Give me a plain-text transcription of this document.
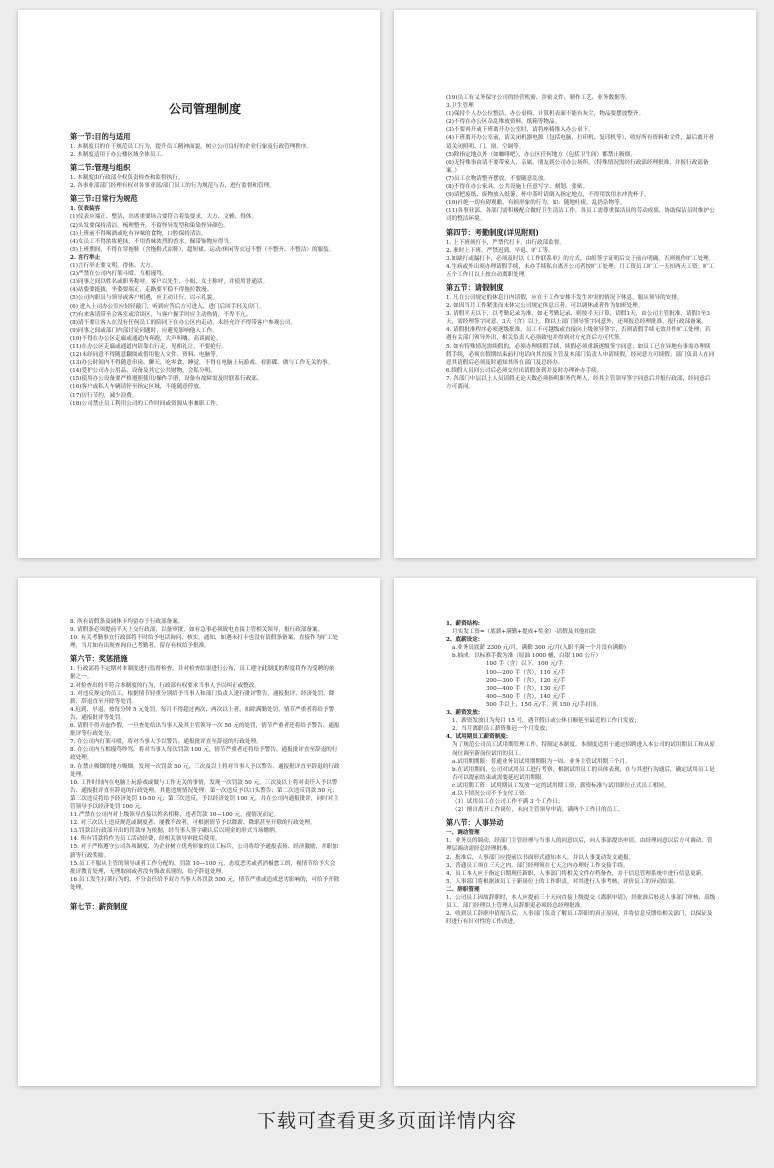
公司管理制度
第一节:目的与适用

1. 本制度目的在于规范员工行为，提升员工精神面貌，树立公司良好的企业行象及行政管理秩序。

2. 本制度适用于办公楼区域全体员工。

第二节:管理与组织

1. 本制度由行政部全权负责检查和监督执行。

2. 各事业部部门经理有权对各事业部/部门员工的行为规范与否，进行监督和管理。

第三节:日常行为规范

1. 仪表装容

(1)仪表应端正、整洁，出席重要场合要符合着装要求，大方、文雅、得体。

(2)头发要保持清洁，梳理整齐，不留怪异发型和染染怪异颜色。

(3)上班前不得喝酒或吃有异味的食物，口腔保持清洁。

(4)女员工不得浓妆艳抹，不用香味浓烈的香水，佩带饰物应得当。

(5)上班期间，不得在穿拖鞋（含拖鞋式凉鞋），超短裙、运动/休闲等衣冠不整（不整齐、不整洁）的服装。

2. 言行举止

(1)言行举止要文明，得体、大方。

(2)严禁在公司内打架斗殴、互相谩骂。

(3)同事之间以姓名或职务称呼，客户以先生、小姐、女士称呼，并使用普通话。

(4)站姿要挺拔，坐姿要端正，走路要平稳不得拖拉散漫。

(5)公司内职员与领导或客户相遇，应主动让行，以示礼貌。

(6) 进入上司办公室应轻轻敲门，听到应答后方可进入，进门后回手轻关房门。

(7)有来客请带至会客室或洽谈区，与客户握手时应主动热情，不卑不亢。

(8)请不要让客人在没有任何员工的陪同下在办公区内走动，未经允许不得带客户参观公司。

(9)同事之间或部门内部讨论问题时，应避免影响他人工作。

(10)不得在办公区走廊或通道内奔跑，大声叫嚷、高谈阔论。

(11)在办公区走廊或通道内请靠右行走，见相礼让，不要抢行。

(12)未经同意不得随意翻阅或借用他人文件、资料、电脑等。

(13)办公时间内不得随意串岗、聊天、吃零食、睡觉，不得在电脑上玩游戏、看影碟、做与工作无关的事。

(14)爱护公司办公用品、设备及其它公共财物，会私分明。

(15)使用办公设备要严格遵照使用/操作手册，设备有故障需及时联系行政部。

(16)客户或私人车辆请停至指定区域，不能随意停放。

(17)厉行节约，减少浪费。

(18)公司禁止员工利用公司的工作时间或资源从事兼职工作。

(19)员工有义务保守公司的经营机密、涉密文件、制作工艺、业务数据等。

3.卫生管理

(1)保持个人办公位整洁，办公桌椅、计算机表面不能有灰尘，物品要摆放整齐。

(2)不得在办公区杂乱堆放资料、纸箱等物品。

(3)不要再开或下班离开办公室时，请将座椅推入办公桌下。

(4)下班离开办公室前，请关闭机器电源（包括电脑、打印机、复印机等），收好所有资料和文件，最后离开者请关闭照明、门、窗、空调等。

(5)除指定地点外（如咖啡吧），办公区任何地方（包括卫生间）都禁止吸烟。

(6)无特殊事由请不要带家人、亲属、朋友到公司办公场所。（特殊情况需经行政部经理批准，并报行政部备案。）

(7)员工衣物请整齐摆放，不要随意乱放。

(8)不得在办公家具、公共设施上任意写字、刻划、张贴。

(9)请把废纸、废物放入纸篓，杯中茶叶请倒入指定地点，不得用饮用水冲洗杯子。

(10)社绝一切有碍观瞻，有损形象的行为，如：随地吐痰，乱扔杂物等。

(11)各事业部、各部门需积极配合做好卫生清洁工作，各员工需尊重保洁员的劳动成果，协助保洁员时维护公司的整洁环境。

第四节：考勤制度(详见附则)

1. 上下班须打卡，严禁代打卡，由行政部监督。

2. 准时上下班，严禁迟到、早退、旷工等。

3.如缺打或漏打卡，必须及时以《工作联系单》的方式，由组签字证明后交于前台明确，否则视作旷工处理。

4.生病或外出须办理请假手续，未办手续私自离开公司者按旷工处理；月工资员工旷工一天扣两天工资；旷工五个工作日以上按自动离职处理。

第五节：请假制度

1. 凡在公司规定的休息日内请假，应在于工作安排不发生冲突的情况下休息，服从领导的安排。

2. 如因当月工作紧张而未休完公司规定休息日者，可以调休或者作为加班处理。

3. 请假半天以下，以考勤记录为准，如无考勤记录，则按半天计算，请假1天，由公司主管批准，请假1至3天，需经理签字同意，3天（含）以上，除以上部门领导签字同意外，还须报总经理批准，报行政部备案。

4. 请假批准程序必须逐级批准，员工不可越级或直接向上级领导签字，否则请假手续无效并作旷工处理；若遇有关部门领导外出，相关负责人必须致电并得到对方允许后方可代签。

5. 如有特殊情况需续假的，必须办理续假手续，续假必须重新逐级签字同意；如员工已在异地有事需办理续假手续，必须在假期结束前打电话向其直接主管及本部门负责人申请续假，经同意方可续假；部门负责人在同意其请假后必须及时通知其所在部门及总经办。

6.续假人员回公司后必须交付出请假条到并及时办理补办手续。

7. 各部门中层以上人员请假无论天数必须指明职务代理人，经其主管领导签字同意后并报行政部，经同意后方可离岗。

8. 所有请假条及调休卡均留存于行政部备案。

9. 请假条必须提前半天上交行政部，以备审批，如有急事必须致电直接主管相关领导，报行政部备案。

10. 有关考勤事宜行政部将不时给予电话询问、核实，通知，如遇未打卡也没有请假条备案，直接作为旷工处理，当月如有出现查询自己考勤者，留存有权给予批准。

第六节：奖惩措施

1. 行政部将不定期对本制度进行监督检查，并对检查结果进行公布，员工遵守此制度的程度将作为受聘的依据之一。

2.对检查出的不符合本制度的行为，行政部有权要求当事人予以纠正或整改。

3. 对违反规定的员工，根据情节轻重分别给予当事人和部门负责人进行批评警告，通报批评、经济处罚、降薪、辞退直至开除等处罚。

4.迟到、早退，按每分钟 5 元处罚，每月不得超过两次，两次以上者，扣除满勤处罚，情节严重者将给予警告、通报批评等处罚。

6. 请假不得弄虚作假，一旦查处给出当事人及其主管领导一次 50 元的处罚，情节严重者还将给予警告、通报批评等行政处分。

7. 在公司内打架斗殴，将对当事人予以警告、通报批评直至辞退的行政处理。

8. 在公司内互相谩骂吵骂，将对当事人每次罚款 100 元，情节严重者还将给予警告、通报批评直至辞退的行政处理。

9. 在禁止吸烟的地方吸烟，发现一次罚款 50 元，三次及以上将对当事人予以警告、通报批评直至辞退的行政处理。

10. 工作时间内在电脑上玩游戏或做与工作无关的事情，发现一次罚款 50 元，三次及以上将对责任人予以警告、通报批评直至辞退的行政处理。其他违规情况处理：第一次违反予以口头警告；第二次违反罚款 50 元；第三次违反将给予经济处罚 10-50 元；第三次违反，予以经济处罚 100 元，并在公司内通报批评，同时对主管领导予以经济处罚 100 元。

11.严禁在公司内对上级领导直接以姓名相称，违者罚款 10—100 元，视情况而定。

12. 对三次以上违反规范或制度者、屡教不改者，可根据情节予以降薪、降职甚至开除的行政处理。

13.罚款以行政部开出的罚款单为依据，经当事人签字确认后以现金的形式当场缴纳。

14. 所有罚款将作为员工活动经费，经相关领导审批后使用。

15. 对于严格遵守公司各项制度、为企业树立优秀形象的员工标兵，公司将给予通报表扬、经济激励，并职加薪等行政奖励。

15.员工不服从主管的领导或者工作分配的，罚款 10—100 元，态度恶劣或者消极怠工的，视情节给予大会批评教育处理，无理取闹或者没有悔改表现的，给予辞退处理。

16.员工发生打架行为的，不分责任给予双方当事人各罚款 500 元，情节严重或造成恶劣影响的，可给予开除处理。

第七节：薪资制度

1、薪资结构:

月实发工资=（底薪+满勤+提成+奖金）-请假及其他扣款

2、底薪设定:

a.业务员底薪 2300 元/月，满勤 300 元/月(入职不满一个月没有满勤)

b.抽成：以标准手数为准（原油 1000 桶，白银 100 公斤）

100 手（含）以下，100 元/手

100—200 手（含），110 元/手

200—300 手（含），120 元/手

300—400 手（含），130 元/手

400—500 手（含），140 元/手

500 手以上，150 元/手，到 150 元/手封顶。

3、薪资发放:

1、薪资发放日为每月 15 号，遇节假日或公休日顺延至最近的工作日发放；

2、当月离职员工薪资推迟一个月发放；

4、试用期员工薪资制度:

为了规范公司员工试用期管理工作，特制定本制度。本制度适用于通过招聘进入本公司的试用期员工和从原岗位调至新岗位试用的员工。

a.试用期期限：普通业务员试用期期限为一周、业务主管试用期三个月。

b.在试用期间，公司对试用员工进行考察，根据试用员工的具体表现，在与其进行沟通后，确定试用员工是否可以提前结束或需要延迟试用期限。

c.试用期工资：试用期员工发放一定的试用期工资，薪资标准与试用职位正式员工相同。

d.以下情况公司不予支付工资：

（1）试用员工在公司工作不满 3 个工作日；

（2）擅自离开工作岗位，未向主管领导申请，满两个工作日的员工。

第八节：人事异动

一、调动管理

1、业务员的调动，经部门主管经理与当事人的同意以后，向人事部提出申请，由经理同意以后方可调动，管理层调动需经总经理批准。

2、批准后，人事部门应提前以书面形式通知本人，并以人事变动发文通报。

3、普通员工须在三天之内，部门经理须在七天之内办理好工作交接手续。

4、员工本人应于指定日期现任新职，人事部门将相关文件存档备查，并于信息管理系统中进行信息更新。

5、人事部门将根据该员工于新岗位上的工作职责，对其进行人事考核，评价员工的异动结果。

二、辞职管理

1、公司员工因故辞职时，本人应提前三十天向直接上级提交《离职申请》，经批准后转送人事部门审核，高级员工、部门经理以上管理人员辞职更必须经总经理批准。

2、收到员工辞职申请报告后，人事部门负责了解员工辞职的真正原因，并将信息反馈给相关部门，以保证及时进行有针对性的工作改进。

下载可查看更多页面详情内容
